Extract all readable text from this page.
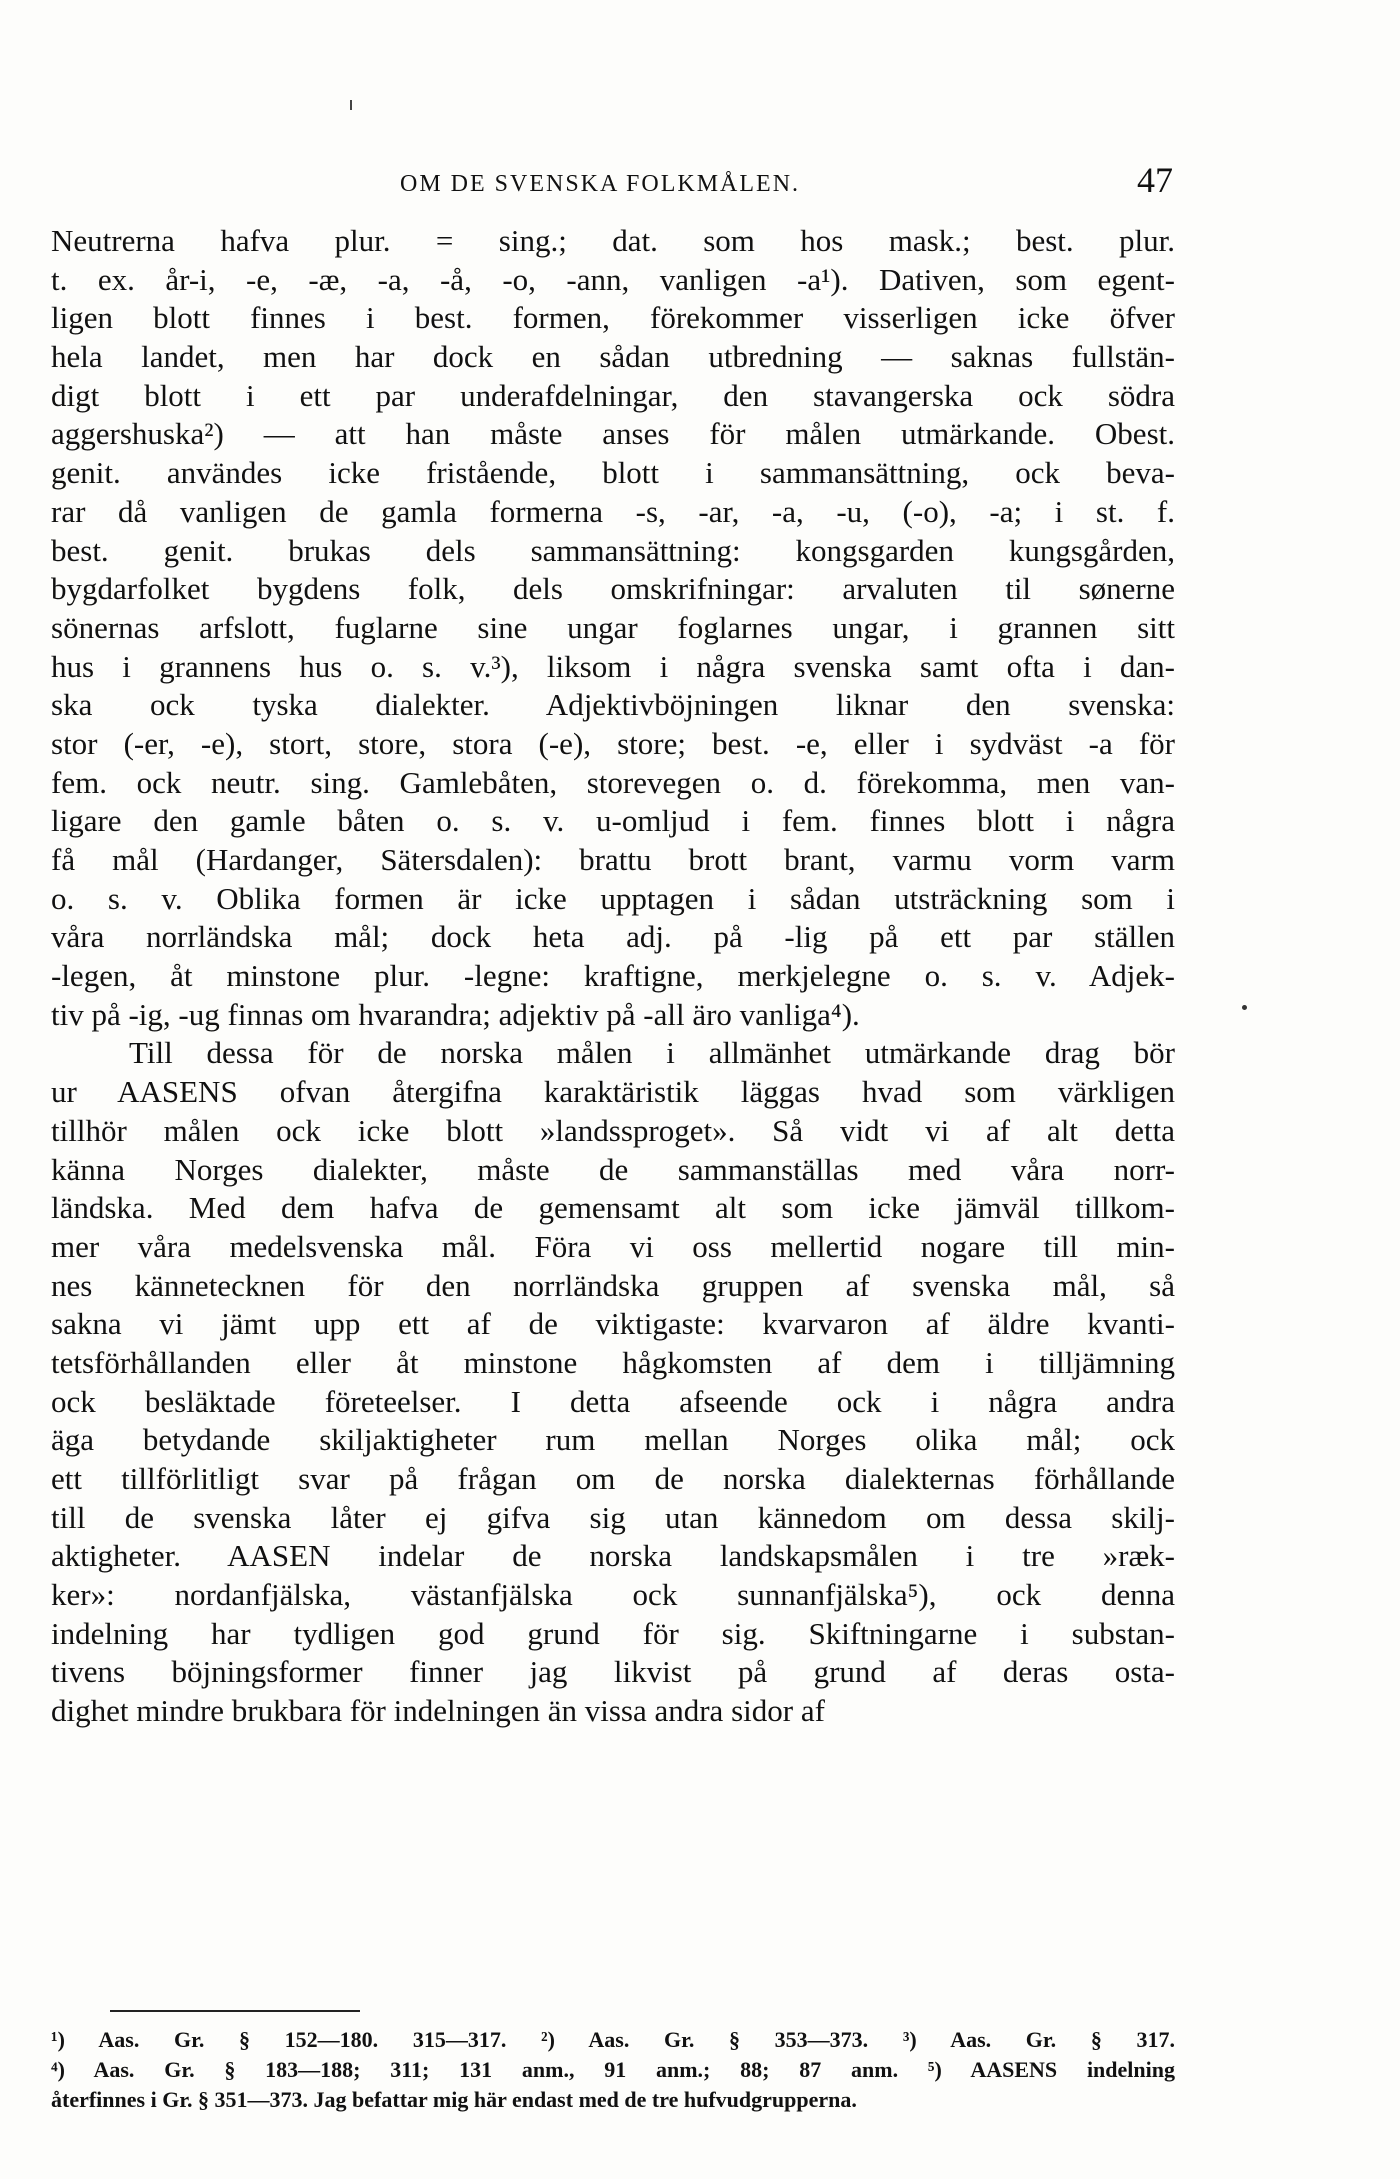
OM DE SVENSKA FOLKMÅLEN.	47
Neutrerna hafva plur. = sing.; dat. som hos mask.; best. plur.
t. ex. år-i, -e, -æ, -a, -å, -o, -ann, vanligen -a¹). Dativen, som egent-
ligen blott finnes i best. formen, förekommer visserligen icke öfver
hela landet, men har dock en sådan utbredning — saknas fullstän-
digt blott i ett par underafdelningar, den stavangerska ock södra
aggershuska²) — att han måste anses för målen utmärkande. Obest.
genit. användes icke fristående, blott i sammansättning, ock beva-
rar då vanligen de gamla formerna -s, -ar, -a, -u, (-o), -a; i st. f.
best. genit. brukas dels sammansättning: kongsgarden kungsgården,
bygdarfolket bygdens folk, dels omskrifningar: arvaluten til sønerne
sönernas arfslott, fuglarne sine ungar foglarnes ungar, i grannen sitt
hus i grannens hus o. s. v.³), liksom i några svenska samt ofta i dan-
ska ock tyska dialekter. Adjektivböjningen liknar den svenska:
stor (-er, -e), stort, store, stora (-e), store; best. -e, eller i sydväst -a för
fem. ock neutr. sing. Gamlebåten, storevegen o. d. förekomma, men van-
ligare den gamle båten o. s. v. u-omljud i fem. finnes blott i några
få mål (Hardanger, Sätersdalen): brattu brott brant, varmu vorm varm
o. s. v. Oblika formen är icke upptagen i sådan utsträckning som i
våra norrländska mål; dock heta adj. på -lig på ett par ställen
-legen, åt minstone plur. -legne: kraftigne, merkjelegne o. s. v. Adjek-
tiv på -ig, -ug finnas om hvarandra; adjektiv på -all äro vanliga⁴).
Till dessa för de norska målen i allmänhet utmärkande drag bör
ur AASENS ofvan återgifna karaktäristik läggas hvad som värkligen
tillhör målen ock icke blott »landssproget». Så vidt vi af alt detta
känna Norges dialekter, måste de sammanställas med våra norr-
ländska. Med dem hafva de gemensamt alt som icke jämväl tillkom-
mer våra medelsvenska mål. Föra vi oss mellertid nogare till min-
nes kännetecknen för den norrländska gruppen af svenska mål, så
sakna vi jämt upp ett af de viktigaste: kvarvaron af äldre kvanti-
tetsförhållanden eller åt minstone hågkomsten af dem i tilljämning
ock besläktade företeelser. I detta afseende ock i några andra
äga betydande skiljaktigheter rum mellan Norges olika mål; ock
ett tillförlitligt svar på frågan om de norska dialekternas förhållande
till de svenska låter ej gifva sig utan kännedom om dessa skilj-
aktigheter. AASEN indelar de norska landskapsmålen i tre »ræk-
ker»: nordanfjälska, västanfjälska ock sunnanfjälska⁵), ock denna
indelning har tydligen god grund för sig. Skiftningarne i substan-
tivens böjningsformer finner jag likvist på grund af deras osta-
dighet mindre brukbara för indelningen än vissa andra sidor af
¹) Aas. Gr. § 152—180. 315—317. ²) Aas. Gr. § 353—373. ³) Aas. Gr. § 317.
⁴) Aas. Gr. § 183—188; 311; 131 anm., 91 anm.; 88; 87 anm. ⁵) AASENS indelning
återfinnes i Gr. § 351—373. Jag befattar mig här endast med de tre hufvudgrupperna.
